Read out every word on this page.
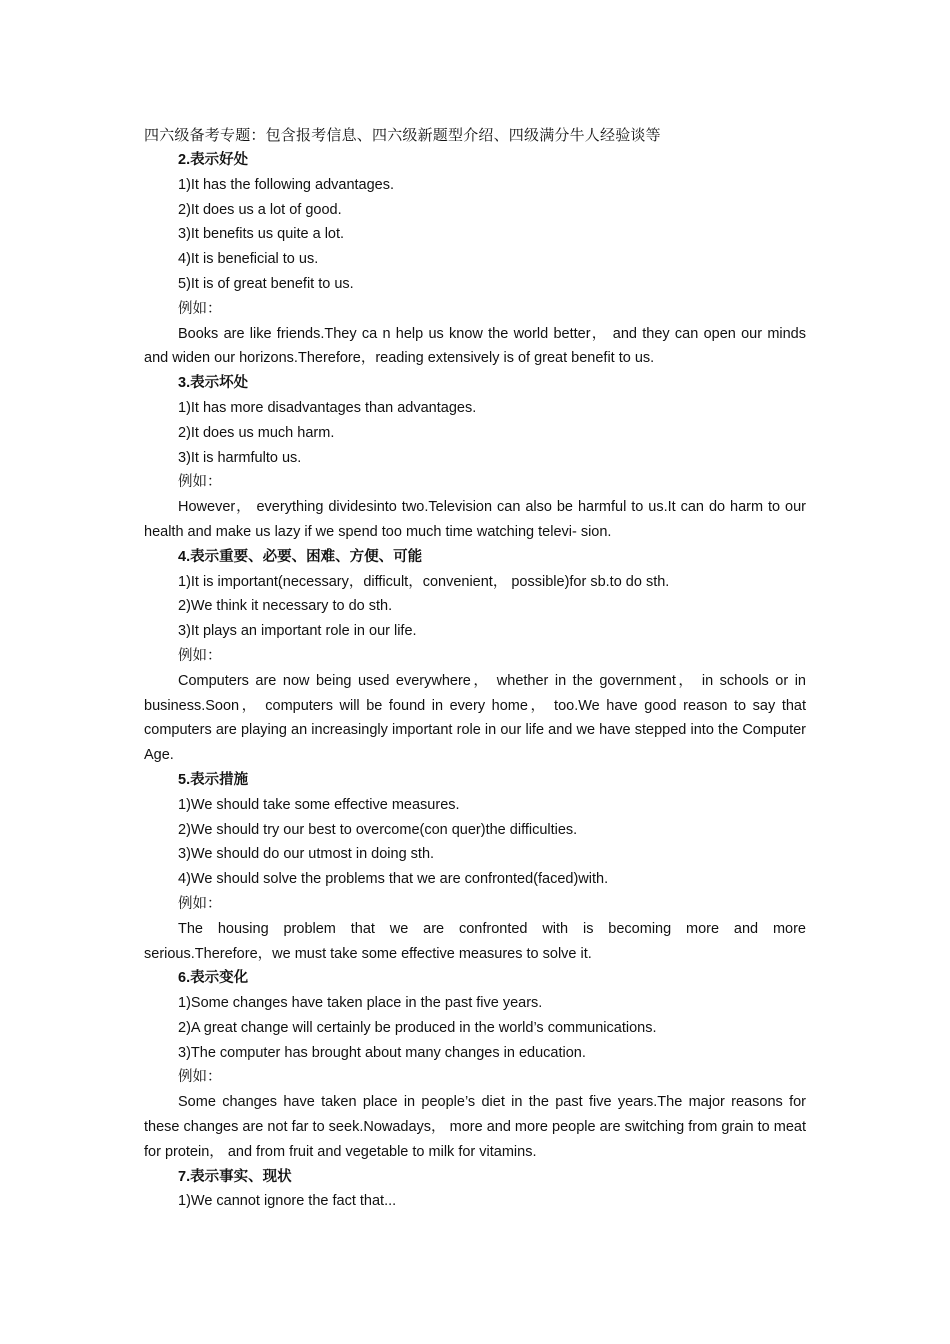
四六级备考专题：包含报考信息、四六级新题型介绍、四级满分牛人经验谈等
2.表示好处
1)It has the following advantages.
2)It does us a lot of good.
3)It benefits us quite a lot.
4)It is beneficial to us.
5)It is of great benefit to us.
例如：
Books are like friends.They ca n help us know the world better， and they can open our minds and widen our horizons.Therefore，reading extensively is of great benefit to us.
3.表示坏处
1)It has more disadvantages than advantages.
2)It does us much harm.
3)It is harmfulto us.
例如：
However， everything dividesinto two.Television can also be harmful to us.It can do harm to our health and make us lazy if we spend too much time watching televi- sion.
4.表示重要、必要、困难、方便、可能
1)It is important(necessary，difficult，convenient， possible)for sb.to do sth.
2)We think it necessary to do sth.
3)It plays an important role in our life.
例如：
Computers are now being used everywhere， whether in the government， in schools or in business.Soon， computers will be found in every home， too.We have good reason to say that computers are playing an increasingly important role in our life and we have stepped into the Computer Age.
5.表示措施
1)We should take some effective measures.
2)We should try our best to overcome(con quer)the difficulties.
3)We should do our utmost in doing sth.
4)We should solve the problems that we are confronted(faced)with.
例如：
The housing problem that we are confronted with is becoming more and more serious.Therefore，we must take some effective measures to solve it.
6.表示变化
1)Some changes have taken place in the past five years.
2)A great change will certainly be produced in the world’s communications.
3)The computer has brought about many changes in education.
例如：
Some changes have taken place in people’s diet in the past five years.The major reasons for these changes are not far to seek.Nowadays， more and more people are switching from grain to meat for protein， and from fruit and vegetable to milk for vitamins.
7.表示事实、现状
1)We cannot ignore the fact that...
